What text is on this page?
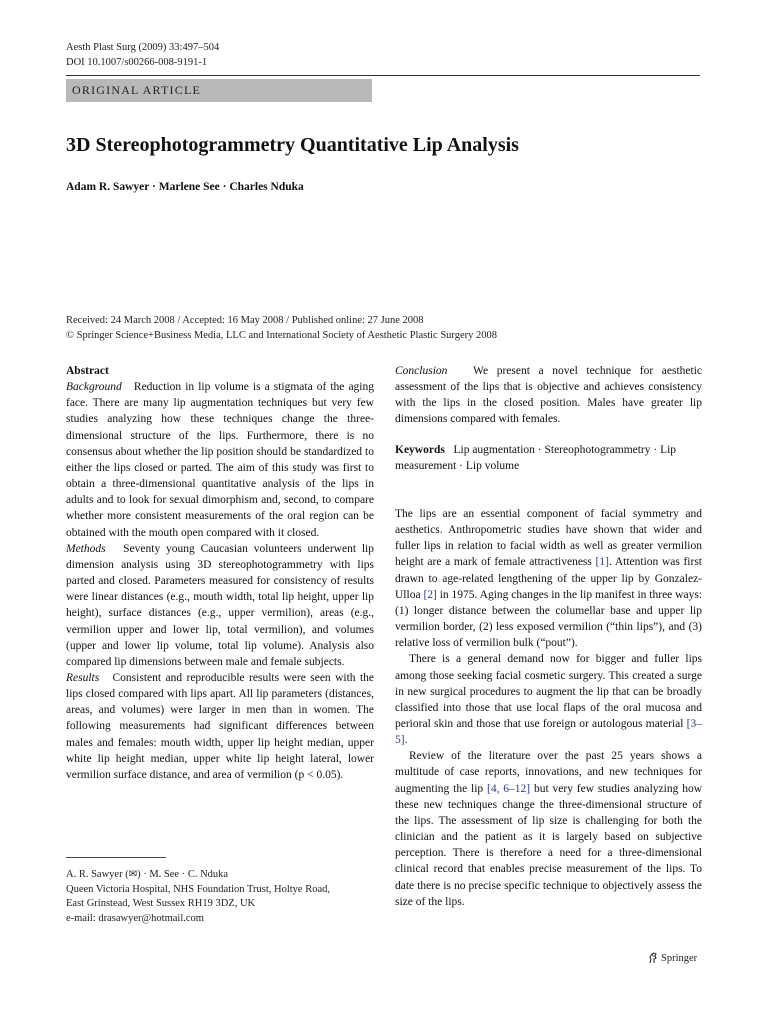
Aesth Plast Surg (2009) 33:497–504
DOI 10.1007/s00266-008-9191-1
ORIGINAL ARTICLE
3D Stereophotogrammetry Quantitative Lip Analysis
Adam R. Sawyer · Marlene See · Charles Nduka
Received: 24 March 2008 / Accepted: 16 May 2008 / Published online: 27 June 2008
© Springer Science+Business Media, LLC and International Society of Aesthetic Plastic Surgery 2008

Abstract

Background Reduction in lip volume is a stigmata of the aging face. There are many lip augmentation techniques but very few studies analyzing how these techniques change the three-dimensional structure of the lips. Furthermore, there is no consensus about whether the lip position should be standardized to either the lips closed or parted. The aim of this study was first to obtain a three-dimensional quantitative analysis of the lips in adults and to look for sexual dimorphism and, second, to compare whether more consistent measurements of the oral region can be obtained with the mouth open compared with it closed.

Methods Seventy young Caucasian volunteers underwent lip dimension analysis using 3D stereophotogrammetry with lips parted and closed. Parameters measured for consistency of results were linear distances (e.g., mouth width, total lip height, upper lip height), surface distances (e.g., upper vermilion), areas (e.g., vermilion upper and lower lip, total vermilion), and volumes (upper and lower lip volume, total lip volume). Analysis also compared lip dimensions between male and female subjects.

Results Consistent and reproducible results were seen with the lips closed compared with lips apart. All lip parameters (distances, areas, and volumes) were larger in men than in women. The following measurements had significant differences between males and females: mouth width, upper lip height median, upper white lip height median, upper white lip height lateral, lower vermilion surface distance, and area of vermilion (p < 0.05).

Conclusion We present a novel technique for aesthetic assessment of the lips that is objective and achieves consistency with the lips in the closed position. Males have greater lip dimensions compared with females.

Keywords Lip augmentation · Stereophotogrammetry · Lip measurement · Lip volume

The lips are an essential component of facial symmetry and aesthetics. Anthropometric studies have shown that wider and fuller lips in relation to facial width as well as greater vermilion height are a mark of female attractiveness [1]. Attention was first drawn to age-related lengthening of the upper lip by Gonzalez-Ulloa [2] in 1975. Aging changes in the lip manifest in three ways: (1) longer distance between the columellar base and upper lip vermilion border, (2) less exposed vermilion (“thin lips”), and (3) relative loss of vermilion bulk (“pout”).

There is a general demand now for bigger and fuller lips among those seeking facial cosmetic surgery. This created a surge in new surgical procedures to augment the lip that can be broadly classified into those that use local flaps of the oral mucosa and perioral skin and those that use foreign or autologous material [3–5].

Review of the literature over the past 25 years shows a multitude of case reports, innovations, and new techniques for augmenting the lip [4, 6–12] but very few studies analyzing how these new techniques change the three-dimensional structure of the lips. The assessment of lip size is challenging for both the clinician and the patient as it is largely based on subjective perception. There is therefore a need for a three-dimensional clinical record that enables precise measurement of the lips. To date there is no precise specific technique to objectively assess the size of the lips.

A. R. Sawyer (✉) · M. See · C. Nduka
Queen Victoria Hospital, NHS Foundation Trust, Holtye Road,
East Grinstead, West Sussex RH19 3DZ, UK
e-mail: drasawyer@hotmail.com
Springer
